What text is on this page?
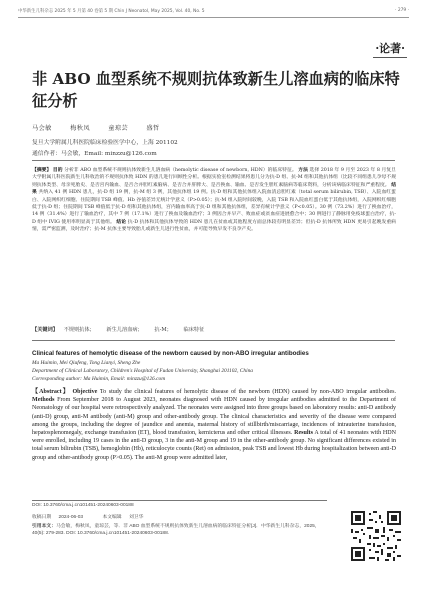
中华新生儿科杂志 2025 年 5 月第 40 卷第 5 期 Chin J Neonatol, May 2025, Vol. 40, No. 5	· 279 ·
·论著·
非 ABO 血型系统不规则抗体致新生儿溶血病的临床特征分析
马会敏	梅秋凤	童琼芸	盛哲
复旦大学附属儿科医院临床检验医学中心，上海 201102
通信作者：马会敏，Email: minzzu@126.com
【摘要】 目的 分析非 ABO 血型系统不规则抗体致新生儿溶血病（hemolytic disease of newborn, HDN）的临床特征。 方法 选择 2018 年 9 月至 2023 年 8 月复旦大学附属儿科医院新生儿科收治的不规则抗体致 HDN 的患儿进行回顾性分析。根据实验室检测结果将患儿分为抗-D 组、抗-M 组和其他抗体组（比较不同组患儿孕母不规则抗体类型、母亲死胎史、是否宫内输血、是否合并胆红素脑病、是否合并肝脾大、是否换血、输血、是否发生胆红素脑病等临床资料，分析该病临床特征和严重程度。 结果 共纳入 41 例 HDN 患儿，抗-D 组 19 例，抗-M 组 3 例，其他抗体组 19 例。抗-D 组和其他抗体组入院血清总胆红素（total serum bilirubin, TSB）、入院血红蛋白、入院网织红细胞、住院期间 TSB 峰值、Hb 谷值差异无统计学意义（P>0.05）；抗-M 组入院时间较晚，入院 TSB 和入院血红蛋白低于其他抗体组，入院网织红细胞低于抗-D 组；住院期间 TSB 峰值低于抗-D 组和其他抗体组，宫内输血率高于抗-D 组和其他抗体组，差异有统计学意义（P<0.05）。30 例（73.2%）进行了换血治疗，14 例（31.4%）进行了输血治疗，其中 7 例（17.1%）进行了换血及输血治疗；3 例因合并早产、败血症或贫血症进展愈合中；30 例进行了静脉用免疫球蛋白治疗，抗-D 组中 IVIG 使用率明显高于其他组。 结论 抗-D 抗体和其他抗体导致的 HDN 患儿在贫血或其他程度方面总体较有明显差异；但抗-D 抗体所致 HDN 更易引起晚发重病情，需严密监测，及时治疗；抗-M 抗体主要导致胎儿或新生儿进行性贫血，并可能导致早发不良孕产史。
【关键词】 不规则抗体； 新生儿溶血病； 抗-M； 临床特征
Clinical features of hemolytic disease of the newborn caused by non-ABO irregular antibodies
Ma Huimin, Mei Qiufeng, Tong Lianyi, Sheng Zhe
Department of Clinical Laboratory, Children's Hospital of Fudan University, Shanghai 201102, China
Corresponding author: Ma Huimin, Email: minzzu@126.com
【Abstract】 Objective To study the clinical features of hemolytic disease of the newborn (HDN) caused by non-ABO irregular antibodies. Methods From September 2018 to August 2023, neonates diagnosed with HDN caused by irregular antibodies admitted to the Department of Neonatology of our hospital were retrospectively analyzed. The neonates were assigned into three groups based on laboratory results: anti-D antibody (anti-D) group, anti-M antibody (anti-M) group and other-antibody group. The clinical characteristics and severity of the disease were compared among the groups, including the degree of jaundice and anemia, maternal history of stillbirth/miscarriage, incidences of intrauterine transfusion, hepatosplenomegaly, exchange transfusion (ET), blood transfusion, kernicterus and other critical illnesses. Results A total of 41 neonates with HDN were enrolled, including 19 cases in the anti-D group, 3 in the anti-M group and 19 in the other-antibody group. No significant differences existed in total serum bilirubin (TSB), hemoglobin (Hb), reticulocyte counts (Ret) on admission, peak TSB and lowest Hb during hospitalization between anti-D group and other-antibody group (P>0.05). The anti-M group were admitted later,
DOI: 10.3760/cma.j.cn101451-20240603-00188
收稿日期 2024-06-03	本文编辑 刘卫华
引用本文：马会敏，梅秋凤，童琼芸，等．非 ABO 血型系统不规则抗体致新生儿溶血病的临床特征分析[J]．中华新生儿科杂志，2025，40(5): 279-283. DOI: 10.3760/cma.j.cn101451-20240603-00188.
